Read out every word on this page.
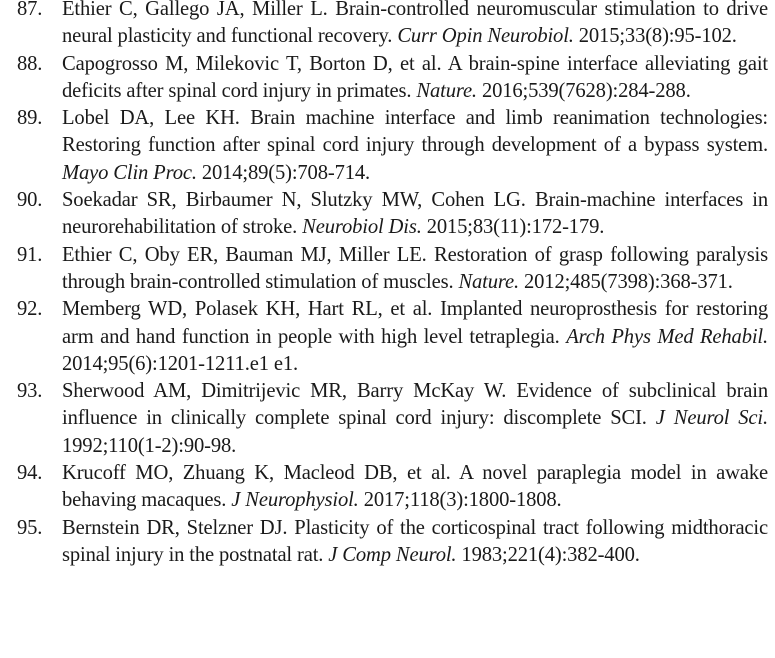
87. Ethier C, Gallego JA, Miller L. Brain-controlled neuromuscular stimulation to drive neural plasticity and functional recovery. Curr Opin Neurobiol. 2015;33(8):95-102.
88. Capogrosso M, Milekovic T, Borton D, et al. A brain-spine interface alleviating gait deficits after spinal cord injury in primates. Nature. 2016;539(7628):284-288.
89. Lobel DA, Lee KH. Brain machine interface and limb reanimation technologies: Restoring function after spinal cord injury through development of a bypass system. Mayo Clin Proc. 2014;89(5):708-714.
90. Soekadar SR, Birbaumer N, Slutzky MW, Cohen LG. Brain-machine interfaces in neurorehabilitation of stroke. Neurobiol Dis. 2015;83(11):172-179.
91. Ethier C, Oby ER, Bauman MJ, Miller LE. Restoration of grasp following paralysis through brain-controlled stimulation of muscles. Nature. 2012;485(7398):368-371.
92. Memberg WD, Polasek KH, Hart RL, et al. Implanted neuroprosthesis for restoring arm and hand function in people with high level tetraplegia. Arch Phys Med Rehabil. 2014;95(6):1201-1211.e1 e1.
93. Sherwood AM, Dimitrijevic MR, Barry McKay W. Evidence of subclinical brain influence in clinically complete spinal cord injury: discomplete SCI. J Neurol Sci. 1992;110(1-2):90-98.
94. Krucoff MO, Zhuang K, Macleod DB, et al. A novel paraplegia model in awake behaving macaques. J Neurophysiol. 2017;118(3):1800-1808.
95. Bernstein DR, Stelzner DJ. Plasticity of the corticospinal tract following midthoracic spinal injury in the postnatal rat. J Comp Neurol. 1983;221(4):382-400.
